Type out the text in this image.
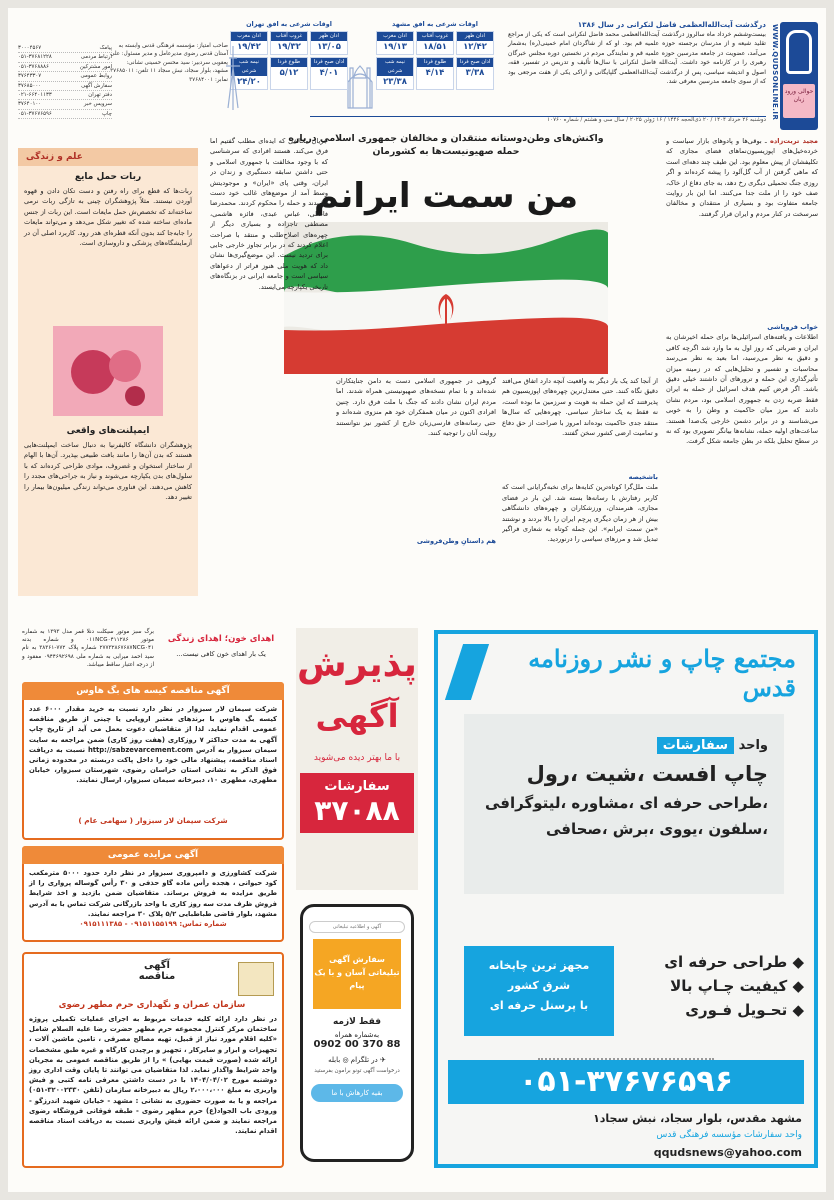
حوالی ورود زبان
WWW.QUDSONLINE.IR
درگذشت آیت‌الله‌العظمی فاضل لنکرانی در سال ۱۳۸۶
بیست‌وششم خرداد ماه سالروز درگذشت آیت‌الله‌العظمی محمد فاضل لنکرانی است که یکی از مراجع تقلید شیعه و از مدرسان برجسته حوزه علمیه قم بود. او که از شاگردان امام خمینی(ره) به‌شمار می‌آمد، عضویت در جامعه مدرسین حوزه علمیه قم و نمایندگی مردم در نخستین دوره مجلس خبرگان رهبری را در کارنامه خود داشت. آیت‌الله فاضل لنکرانی با سال‌ها تألیف و تدریس در تفسیر، فقه، اصول و اندیشه سیاسی، پس از درگذشت آیت‌الله‌العظمی گلپایگانی و اراکی یکی از هفت مرجعی بود که از سوی جامعه مدرسین معرفی شد.
اوقات شرعی به افق مشهد
اذان ظهر
۱۲/۴۲
غروب آفتاب
۱۸/۵۱
اذان مغرب
۱۹/۱۳
اذان صبح فردا
۳/۳۸
طلوع فردا
۴/۱۴
نیمه شب شرعی
۲۳/۳۸
اوقات شرعی به افق تهران
اذان ظهر
۱۳/۰۵
غروب آفتاب
۱۹/۳۲
اذان مغرب
۱۹/۴۲
اذان صبح فردا
۴/۰۱
طلوع فردا
۵/۱۲
نیمه شب شرعی
۲۴/۲۰
صاحب امتیاز: مؤسسه فرهنگی قدس وابسته به آستان قدس رضوی مدیرعامل و مدیر مسئول: علی یعقوبی سردبیر: سید محسن حسینی نشانی: مشهد، بلوار سجاد، نبش سجاد ۱۱ تلفن: ۳۷۶۸۵۰۱۱ نمابر: ۳۷۶۸۴۰۰۱
پیامک
۳۰۰۰۴۵۶۷
ارتباط مردمی
۰۵۱-۳۷۶۸۱۲۲۸
امور مشترکین
۰۵۱-۳۷۶۸۸۸۶
روابط عمومی
۳۷۶۴۳۳۰۷
سفارش آگهی
۳۷۶۸۵۰۰۰
دفتر تهران
۰۲۱-۶۶۴۰۱۱۳۳
سرویس خبر
۳۷۶۴۰۱۰۰
چاپ
۰۵۱-۳۷۶۷۶۵۹۶
دوشنبه ۲۶ خرداد ۱۴۰۴ / ۲۰ ذی‌الحجه ۱۴۴۶ / ۱۶ ژوئن ۲۰۲۵ / سال سی و هشتم / شماره ۱۰۷۶۰
واکنش‌های وطن‌دوستانه منتقدان و مخالفان جمهوری اسلامی درباره حمله صهیونیست‌ها به کشورمان
من سمت ایرانم
مجید تربت‌زاده ـ بوقی‌ها و پادوهای بازار سیاست و خرده‌خیل‌های اپوزیسیون‌نماهای فضای مجازی که تکلیفشان از پیش معلوم بود. این طیف چند دهه‌ای است که ماهی گرفتن از آب گل‌آلود را پیشه کرده‌اند و اگر روزی جنگ تحمیلی دیگری رخ دهد، به جای دفاع از خاک، صف خود را از ملت جدا می‌کنند. اما این بار روایت جامعه متفاوت بود و بسیاری از منتقدان و مخالفان سرسخت در کنار مردم و ایران قرار گرفتند.
خواب فروپاشی
اطلاعات و یافته‌های اسرائیلی‌ها برای حمله اخیرشان به ایران و ضرباتی که روز اول به ما وارد شد اگرچه کافی و دقیق به نظر می‌رسید، اما بعید به نظر می‌رسد محاسبات و تفسیر و تحلیل‌هایی که در زمینه میزان تأثیرگذاری این حمله و ترورهای آن داشتند خیلی دقیق باشد. اگر فرض کنیم هدف اسرائیل از حمله به ایران فقط ضربه زدن به جمهوری اسلامی بود، مردم نشان دادند که مرز میان حاکمیت و وطن را به خوبی می‌شناسند و در برابر دشمن خارجی یک‌صدا هستند. ساعت‌های اولیه حمله، نشانه‌ها بیانگر تصویری بود که نه در سطح تحلیل بلکه در بطن جامعه شکل گرفت.
از آنجا کند یک بار دیگر به واقعیت آنچه دارد اتفاق می‌افتد دقیق نگاه کنند. حتی معتدل‌ترین چهره‌های اپوزیسیون هم پذیرفتند که این حمله به هویت و سرزمین ما بوده است، نه فقط به یک ساختار سیاسی. چهره‌هایی که سال‌ها منتقد جدی حاکمیت بوده‌اند امروز با صراحت از حق دفاع و تمامیت ارضی کشور سخن گفتند.
باشخیصه
ملت ملل‌گرا کوتاه‌ترین کنایه‌ها برای نخبه‌گرایانی است که کاربر رفتارش با رسانه‌ها بسته شد. این بار در فضای مجازی، هنرمندان، ورزشکاران و چهره‌های دانشگاهی بیش از هر زمان دیگری پرچم ایران را بالا بردند و نوشتند «من سمت ایرانم». این جمله کوتاه به شعاری فراگیر تبدیل شد و مرزهای سیاسی را درنوردید.
گروهی در جمهوری اسلامی دست به دامن جنایتکاران شده‌اند و با تمام نسخه‌های صهیونیستی همراه شدند. اما مردم ایران نشان دادند که جنگ با ملت فرق دارد. چنین افرادی اکنون در میان همفکران خود هم منزوی شده‌اند و حتی رسانه‌های فارسی‌زبان خارج از کشور نیز نتوانستند روایت آنان را توجیه کنند.
هم داستانِ وطن‌فروشی
جریان مخالفی که ایده‌ای مطلب گفتیم اما فرق می‌کند. هستند افرادی که سرشناسی که با وجود مخالفت با جمهوری اسلامی و حتی داشتن سابقه دستگیری و زندان در ایران، وقتی پای «ایران» و موجودیتش وسط آمد از موضع‌های غالب خود دست کشیدند و حمله را محکوم کردند. محمدرضا فاضلی، عباس عبدی، فائزه هاشمی، مصطفی تاجزاده و بسیاری دیگر از چهره‌های اصلاح‌طلب و منتقد با صراحت اعلام کردند که در برابر تجاوز خارجی جایی برای تردید نیست. این موضع‌گیری‌ها نشان داد که هویت ملی هنوز فراتر از دعواهای سیاسی است و جامعه ایرانی در بزنگاه‌های تاریخی یکپارچه می‌ایستد.
علم و زندگی
ربات حمل مایع
ربات‌ها که قطع برای راه رفتن و دست تکان دادن و قهوه آوردن نیستند. مثلاً پژوهشگران چینی به تازگی ربات نرمی ساخته‌اند که تخصص‌ش حمل مایعات است. این ربات از جنس ماده‌ای ساخته شده که تغییر شکل می‌دهد و می‌تواند مایعات را جابه‌جا کند بدون آنکه قطره‌ای هدر رود. کاربرد اصلی آن در آزمایشگاه‌های پزشکی و داروسازی است.
ایمپلنت‌های واقعی
پژوهشگران دانشگاه کالیفرنیا به دنبال ساخت ایمپلنت‌هایی هستند که بدن آن‌ها را مانند بافت طبیعی بپذیرد. آن‌ها با الهام از ساختار استخوان و غضروف، موادی طراحی کرده‌اند که با سلول‌های بدن یکپارچه می‌شوند و نیاز به جراحی‌های مجدد را کاهش می‌دهند. این فناوری می‌تواند زندگی میلیون‌ها بیمار را تغییر دهد.
مجتمع چاپ و نشر روزنامه قدس
واحد سفارشات
چاپ افست ،شیت ،رول
،طراحی حرفه ای ،مشاوره ،لیتوگرافی
،سلفون ،یووی ،برش ،صحافی
مجهز ترین چاپخانه
شرق کشور
با پرسنل حرفه ای
◆ طراحی حرفه ای
◆ کیفیت چـاپ بالا
◆ تحـویل فـوری
۰۵۱-۳۷۶۷۶۵۹۶
مشهد مقدس، بلوار سجاد، نبش سجاد۱
واحد سفارشات مؤسسه فرهنگی قدس
qqudsnews@yahoo.com
پذیرش
آگهی
با ما بهتر دیده می‌شوید
سفارشات
۳۷۰۸۸
آگهی و اطلاعیه تبلیغاتی
سفارش آگهی تبلیغاتی آسان و با یک پیام
فقط لازمه
به‌شماره همراه
0902 00 370 88
✈ در تلگرام ◎ بابله
درخواست آگهی تونو برامون بفرستید
بقیه کارهاش با ما
برگ سبز موتور سیکلت دنلا قمر مدل ۱۳۹۳ به شماره موتور ۰۱۱NCG۰۴۱۱۲۸۶ و شماره بدنه ۲۷۷۳۲۸۶۷۶۸۷NCG۰۴۱ شماره پلاک ۷۷۲-۳۸۳۶۱ به نام سید احمد میرابی به شماره ملی ۰۹۴۴۶۹۲۶۹۸ مفقود و از درجه اعتبار ساقط میباشد.
اهدای خون؛ اهدای زندگی
یک بار اهدای خون کافی نیست...
آگهی مناقصه کیسه های بگ هاوس
شرکت سیمان لار سبزوار در نظر دارد نسبت به خرید مقدار ۶۰۰۰ عدد کیسه بگ هاوس با برندهای معتبر اروپایی یا چینی از طریق مناقصه عمومی اقدام نماید. لذا از متقاضیان دعوت بعمل می آید از تاریخ چاپ آگهی به مدت حداکثر ۷ روزکاری (هفت روز کاری) ضمن مراجعه به سایت سیمان سبزوار به آدرس http://sabzevarcement.com نسبت به دریافت اسناد مناقصه، پیشنهاد مالی خود را داخل پاکت دربسته در محدوده زمانی فوق الذکر به نشانی استان خراسان رضوی، شهرستان سبزوار، خیابان مطهری، مطهری ۱۰، دبیرخانه سیمان سبزوار، ارسال نمایند.
شرکت سیمان لار سبزوار ( سهامی عام )
آگهی مزایده عمومی
شرکت کشاورزی و دامپروری سبزوار در نظر دارد حدود ۵۰۰۰ مترمکعب کود حیوانی ، هجده رأس ماده گاو حذفی و ۳۰ رأس گوساله پرواری را از طریق مزایده به فروش برساند. متقاضیان ضمن بازدید و اخذ شرایط فروش ظرف مدت سه روز کاری با واحد بازرگانی شرکت تماس با به آدرس مشهد، بلوار قاضی طباطبایی ۵/۲ پلاک ۳۰ مراجعه نمایند.
شماره تماس: ۰۹۱۵۱۱۵۵۱۹۹ - ۰۹۱۵۱۱۱۳۸۵
آگهی
مناقصه
سازمان عمران و نگهداری حرم مطهر رضوی
در نظر دارد ارائه کلیه خدمات مربوط به اجرای عملیات تکمیلی پروژه ساختمان مرکز کنترل مجموعه حرم مطهر حضرت رضا علیه السلام شامل «کلیه اقلام مورد نیاز از قبیل، تهیه مصالح مصرفی ، تامین ماشین آلات ، تجهیزات و ابزار و سایرکار ، تجهیز و برچیدن کارگاه و غیره طبق مشخصات ارائه شده (صورت قیمت بهایی) » را از طریق مناقصه عمومی به مجریان واجد شرایط واگذار نماید. لذا متقاضیان می توانند تا پایان وقت اداری روز دوشنبه مورخ ۱۴۰۴/۰۴/۰۲ با در دست داشتن معرفی نامه کتبی و فیش واریزی به مبلغ ۲،۰۰۰،۰۰۰ ریال به دبیرخانه سازمان (تلفن ۳۲۰۰۲۳۳۰-۰۵۱) مراجعه و یا به صورت حضوری به نشانی : مشهد - خیابان شهید اندرزگو - ورودی باب الجواد(ع) حرم مطهر رضوی - طبقه فوقانی فروشگاه رضوی مراجعه نمایند و ضمن ارائه فیش واریزی نسبت به دریافت اسناد مناقصه اقدام نمایند.
